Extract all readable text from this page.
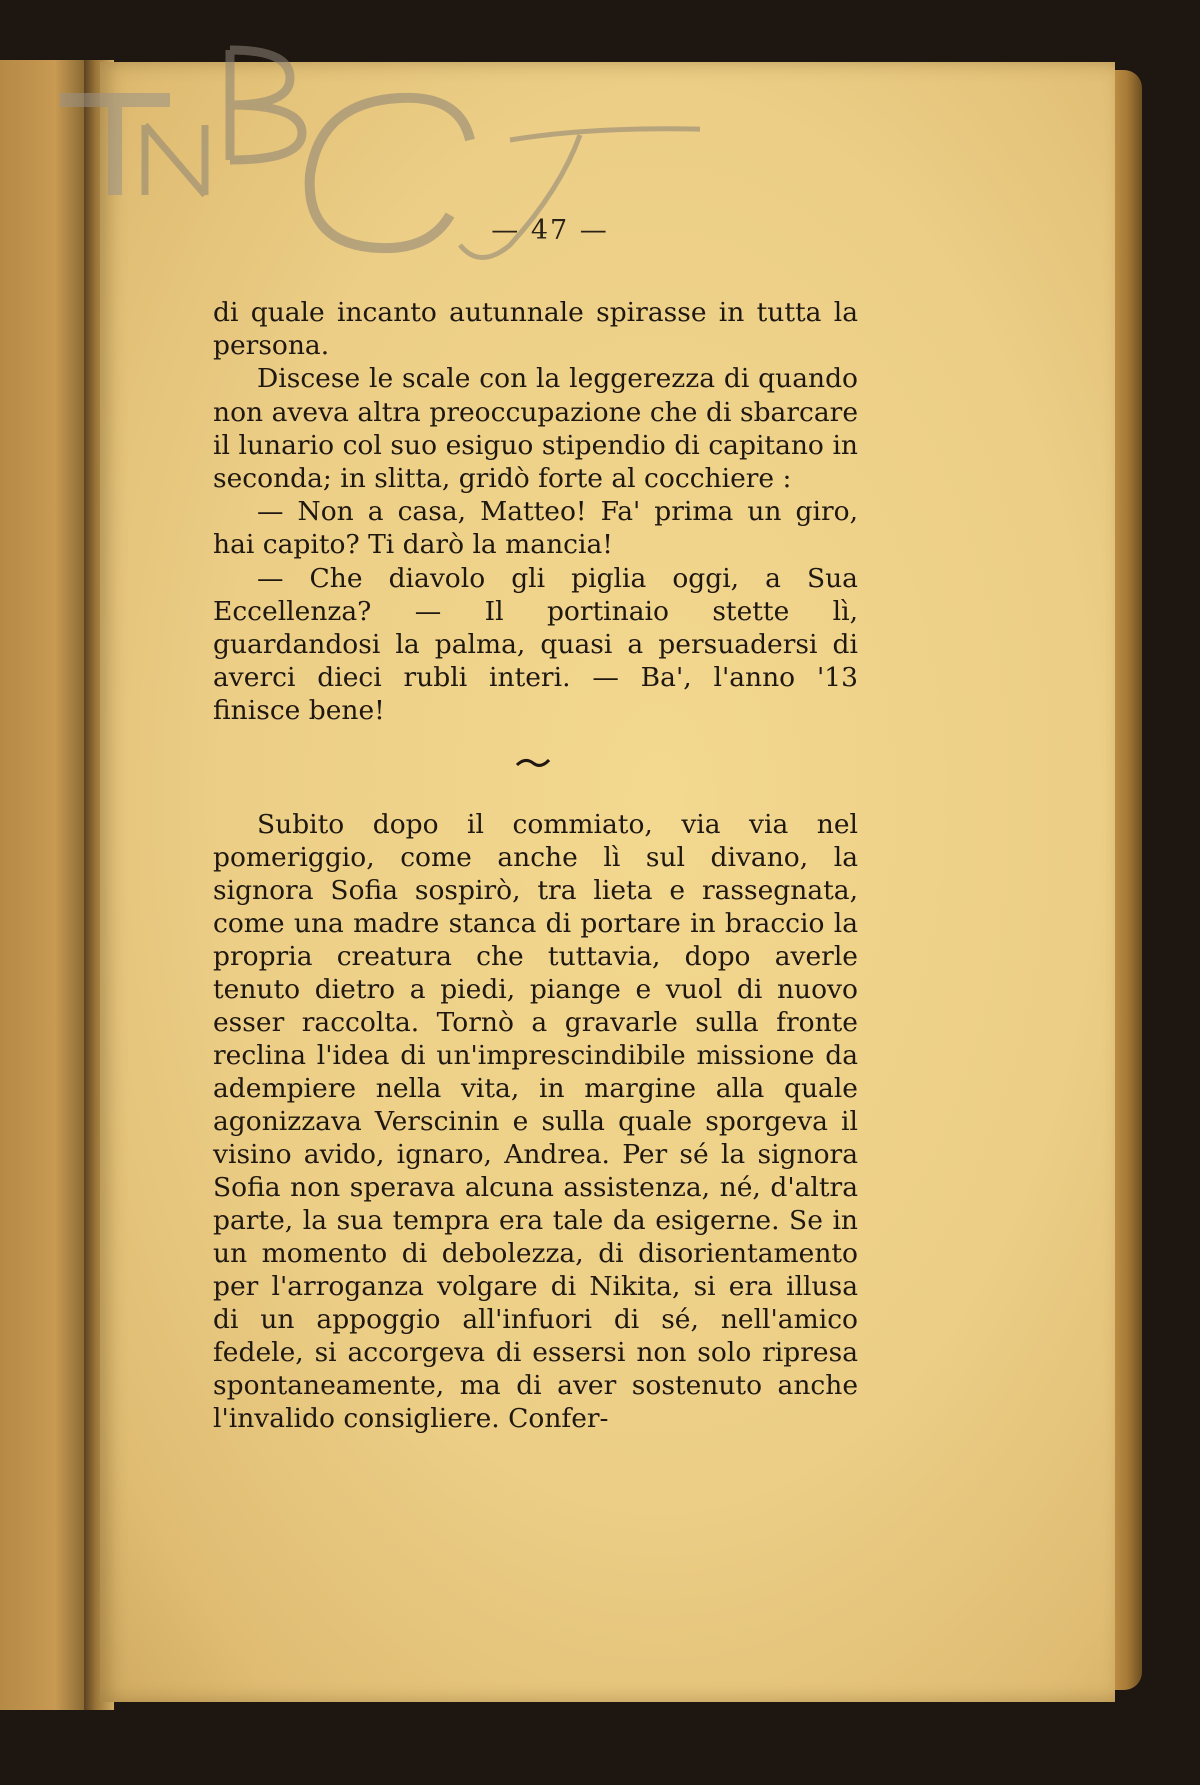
— 47 —

di quale incanto autunnale spirasse in tutta la persona.

Discese le scale con la leggerezza di quando non aveva altra preoccupazione che di sbarcare il lunario col suo esiguo stipendio di capitano in seconda; in slitta, gridò forte al cocchiere :

— Non a casa, Matteo! Fa' prima un giro, hai capito? Ti darò la mancia!

— Che diavolo gli piglia oggi, a Sua Eccellenza? — Il portinaio stette lì, guardandosi la palma, quasi a persuadersi di averci dieci rubli interi. — Ba', l'anno '13 finisce bene!

Subito dopo il commiato, via via nel pomeriggio, come anche lì sul divano, la signora Sofia sospirò, tra lieta e rassegnata, come una madre stanca di portare in braccio la propria creatura che tuttavia, dopo averle tenuto dietro a piedi, piange e vuol di nuovo esser raccolta. Tornò a gravarle sulla fronte reclina l'idea di un'imprescindibile missione da adempiere nella vita, in margine alla quale agonizzava Verscinin e sulla quale sporgeva il visino avido, ignaro, Andrea. Per sé la signora Sofia non sperava alcuna assistenza, né, d'altra parte, la sua tempra era tale da esigerne. Se in un momento di debolezza, di disorientamento per l'arroganza volgare di Nikita, si era illusa di un appoggio all'infuori di sé, nell'amico fedele, si accorgeva di essersi non solo ripresa spontaneamente, ma di aver sostenuto anche l'invalido consigliere. Confer-
